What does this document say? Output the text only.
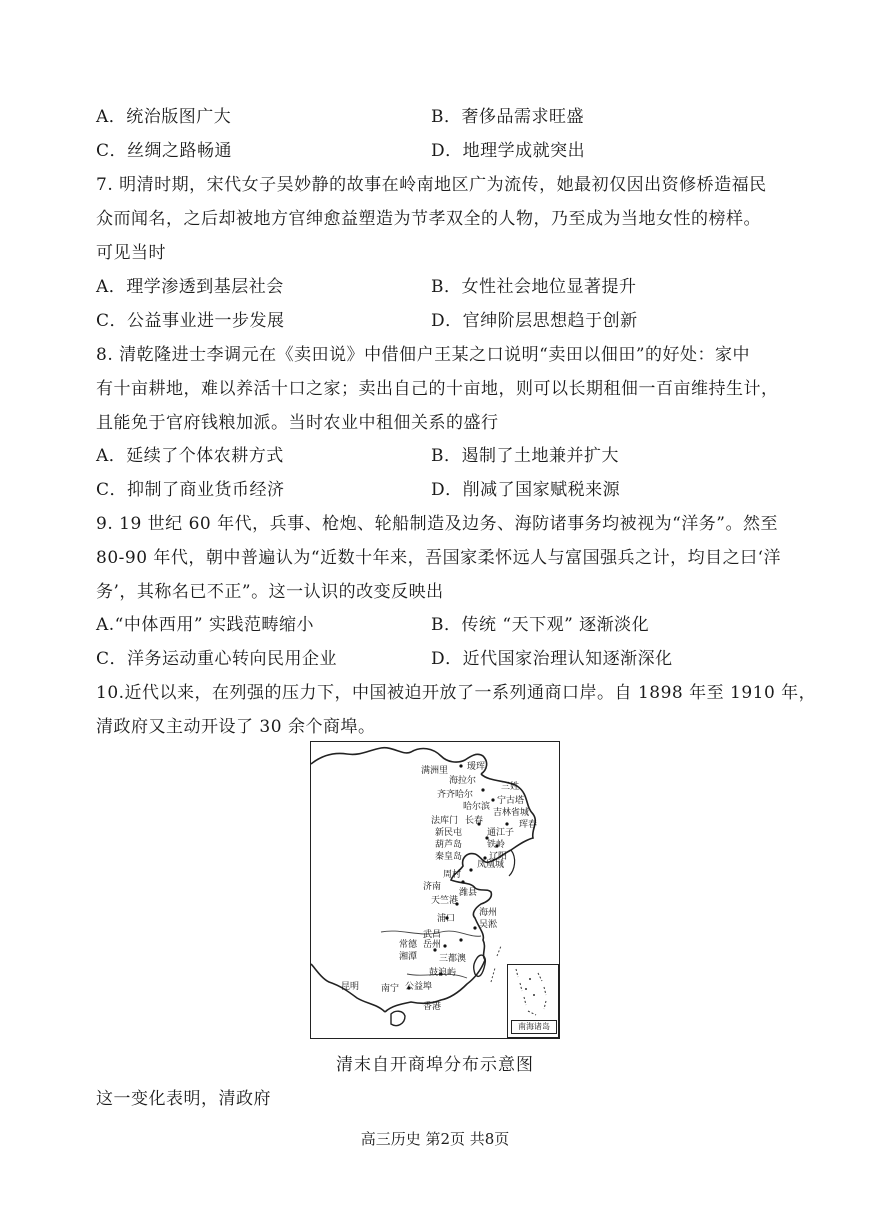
A．统治版图广大	B．奢侈品需求旺盛
C．丝绸之路畅通	D．地理学成就突出
7. 明清时期，宋代女子吴妙静的故事在岭南地区广为流传，她最初仅因出资修桥造福民
众而闻名，之后却被地方官绅愈益塑造为节孝双全的人物，乃至成为当地女性的榜样。
可见当时
A．理学渗透到基层社会	B．女性社会地位显著提升
C．公益事业进一步发展	D．官绅阶层思想趋于创新
8. 清乾隆进士李调元在《卖田说》中借佃户王某之口说明“卖田以佃田”的好处：家中
有十亩耕地，难以养活十口之家；卖出自己的十亩地，则可以长期租佃一百亩维持生计，
且能免于官府钱粮加派。当时农业中租佃关系的盛行
A．延续了个体农耕方式	B．遏制了土地兼并扩大
C．抑制了商业货币经济	D．削减了国家赋税来源
9. 19 世纪 60 年代，兵事、枪炮、轮船制造及边务、海防诸事务均被视为“洋务”。然至
80-90 年代，朝中普遍认为“近数十年来，吾国家柔怀远人与富国强兵之计，均目之曰‘洋
务’，其称名已不正”。这一认识的改变反映出
A.“中体西用” 实践范畴缩小	B．传统 “天下观” 逐渐淡化
C．洋务运动重心转向民用企业	D．近代国家治理认知逐渐深化
10.近代以来，在列强的压力下，中国被迫开放了一系列通商口岸。自 1898 年至 1910 年，
清政府又主动开设了 30 余个商埠。
南海诸岛
满洲里 瑷珲
海拉尔
三姓
齐齐哈尔
宁古塔
哈尔滨
吉林省城
珲春
法库门 长春
通江子
新民屯
铁岭
葫芦岛
辽阳
秦皇岛
凤凰城
周村
济南
潍县
天竺港
海州
浦口
吴淞
武昌
常德 岳州
湘潭 三都澳
鼓浪屿
昆明 南宁 公益埠
香港
清末自开商埠分布示意图
这一变化表明，清政府
高三历史 第2页 共8页
